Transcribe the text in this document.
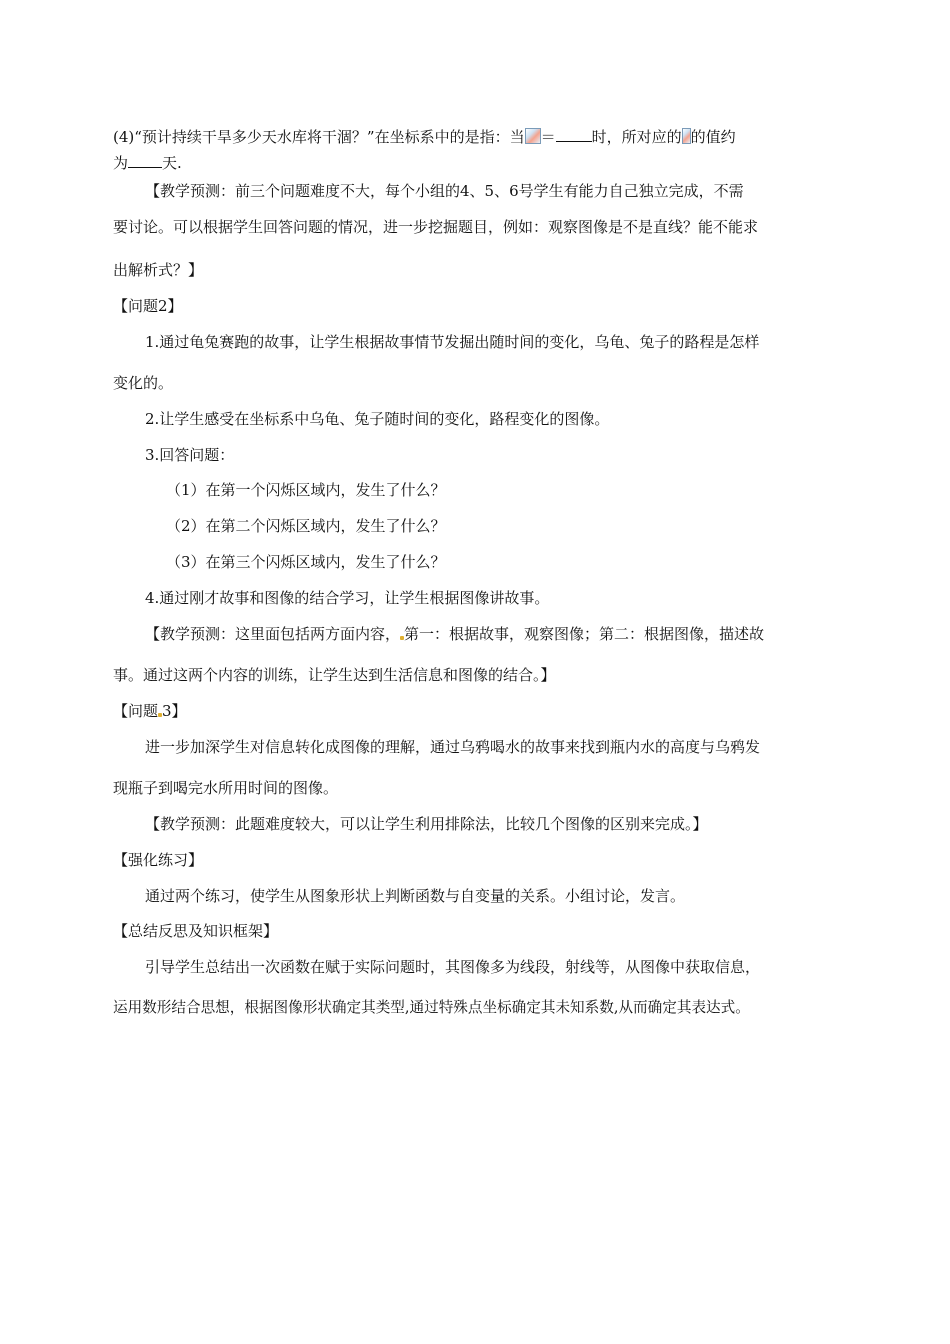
(4)“预计持续干旱多少天水库将干涸？”在坐标系中的是指：当 ＝ 时，所对应的 的值约
为 天.
【教学预测：前三个问题难度不大，每个小组的4、5、6号学生有能力自己独立完成，不需
要讨论。可以根据学生回答问题的情况，进一步挖掘题目，例如：观察图像是不是直线？能不能求
出解析式？】
【问题2】
1.通过龟兔赛跑的故事，让学生根据故事情节发掘出随时间的变化，乌龟、兔子的路程是怎样
变化的。
2.让学生感受在坐标系中乌龟、兔子随时间的变化，路程变化的图像。
3.回答问题：
（1）在第一个闪烁区域内，发生了什么？
（2）在第二个闪烁区域内，发生了什么？
（3）在第三个闪烁区域内，发生了什么？
4.通过刚才故事和图像的结合学习，让学生根据图像讲故事。
【教学预测：这里面包括两方面内容， 第一：根据故事，观察图像；第二：根据图像，描述故
事。通过这两个内容的训练，让学生达到生活信息和图像的结合。】
【问题 3】
进一步加深学生对信息转化成图像的理解，通过乌鸦喝水的故事来找到瓶内水的高度与乌鸦发
现瓶子到喝完水所用时间的图像。
【教学预测：此题难度较大，可以让学生利用排除法，比较几个图像的区别来完成。】
【强化练习】
通过两个练习，使学生从图象形状上判断函数与自变量的关系。小组讨论，发言。
【总结反思及知识框架】
引导学生总结出一次函数在赋于实际问题时，其图像多为线段，射线等，从图像中获取信息，
运用数形结合思想，根据图像形状确定其类型,通过特殊点坐标确定其未知系数,从而确定其表达式。
